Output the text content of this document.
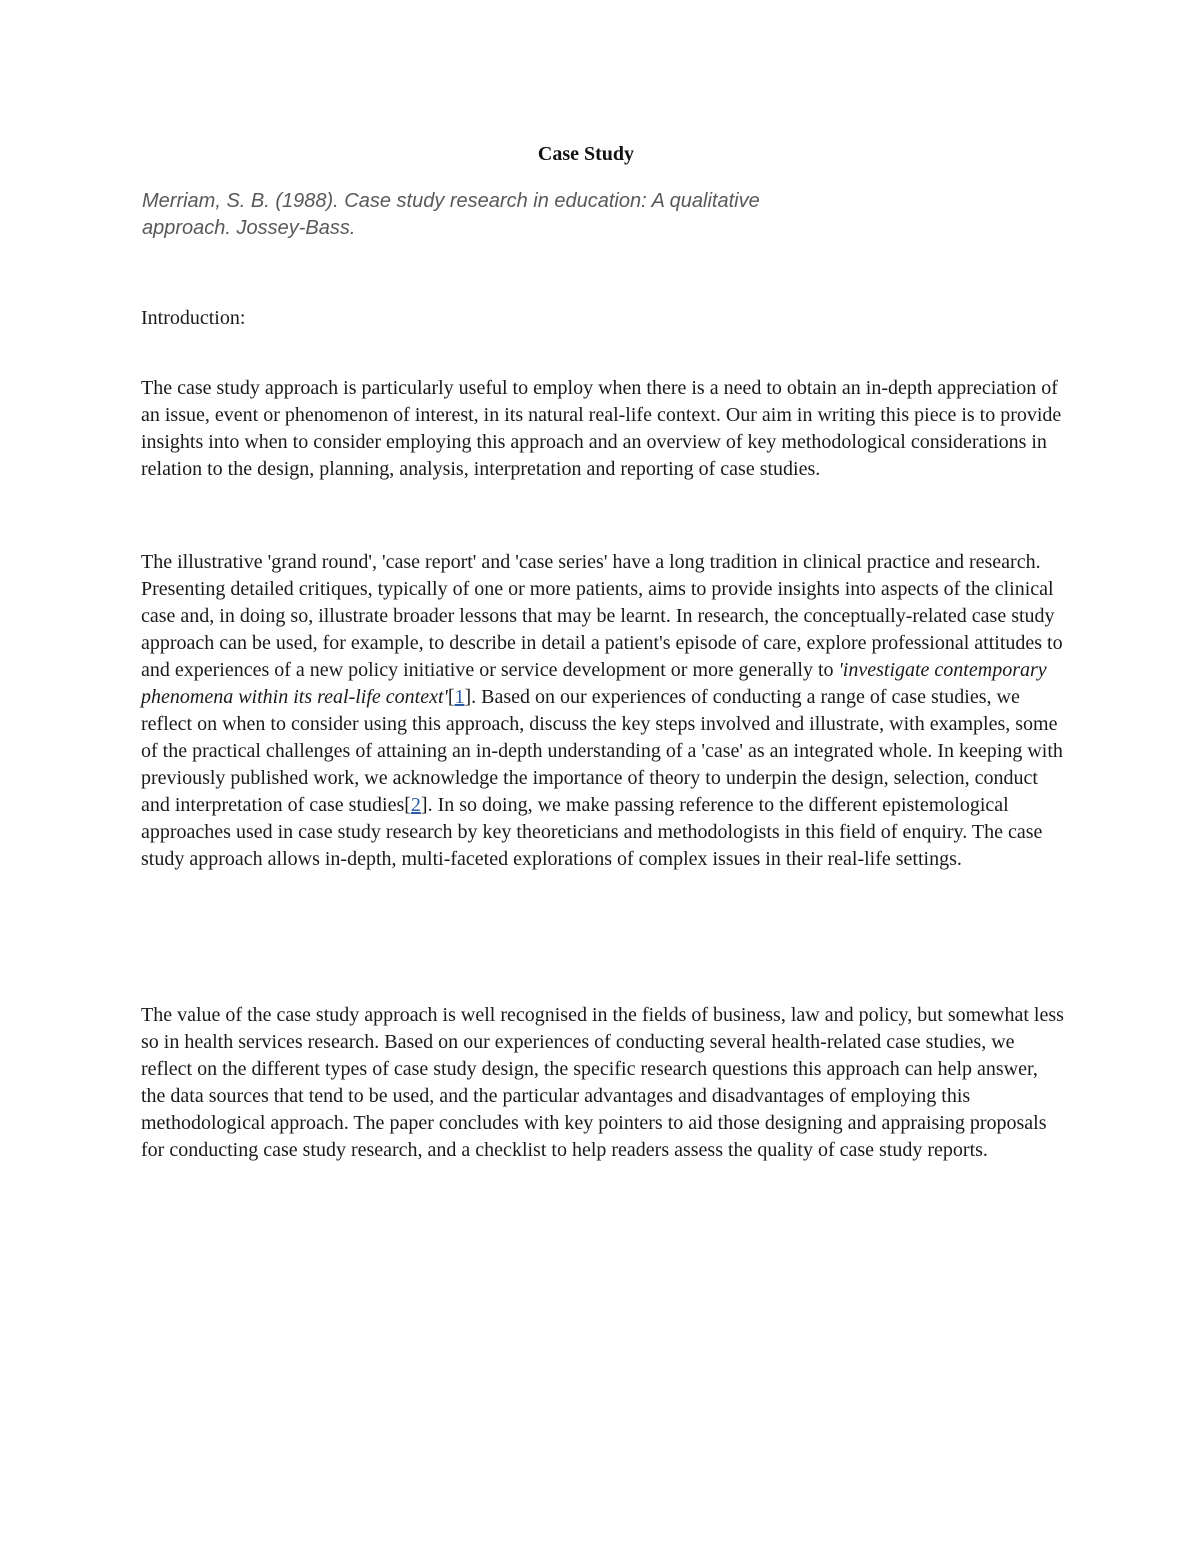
Case Study
Merriam, S. B. (1988). Case study research in education: A qualitative
approach. Jossey-Bass.
Introduction:

The case study approach is particularly useful to employ when there is a need to obtain an in-depth appreciation of an issue, event or phenomenon of interest, in its natural real-life context. Our aim in writing this piece is to provide insights into when to consider employing this approach and an overview of key methodological considerations in relation to the design, planning, analysis, interpretation and reporting of case studies.

The illustrative 'grand round', 'case report' and 'case series' have a long tradition in clinical practice and research. Presenting detailed critiques, typically of one or more patients, aims to provide insights into aspects of the clinical case and, in doing so, illustrate broader lessons that may be learnt. In research, the conceptually-related case study approach can be used, for example, to describe in detail a patient's episode of care, explore professional attitudes to and experiences of a new policy initiative or service development or more generally to 'investigate contemporary phenomena within its real-life context'[1]. Based on our experiences of conducting a range of case studies, we reflect on when to consider using this approach, discuss the key steps involved and illustrate, with examples, some of the practical challenges of attaining an in-depth understanding of a 'case' as an integrated whole. In keeping with previously published work, we acknowledge the importance of theory to underpin the design, selection, conduct and interpretation of case studies[2]. In so doing, we make passing reference to the different epistemological approaches used in case study research by key theoreticians and methodologists in this field of enquiry. The case study approach allows in-depth, multi-faceted explorations of complex issues in their real-life settings.

The value of the case study approach is well recognised in the fields of business, law and policy, but somewhat less so in health services research. Based on our experiences of conducting several health-related case studies, we reflect on the different types of case study design, the specific research questions this approach can help answer, the data sources that tend to be used, and the particular advantages and disadvantages of employing this methodological approach. The paper concludes with key pointers to aid those designing and appraising proposals for conducting case study research, and a checklist to help readers assess the quality of case study reports.
